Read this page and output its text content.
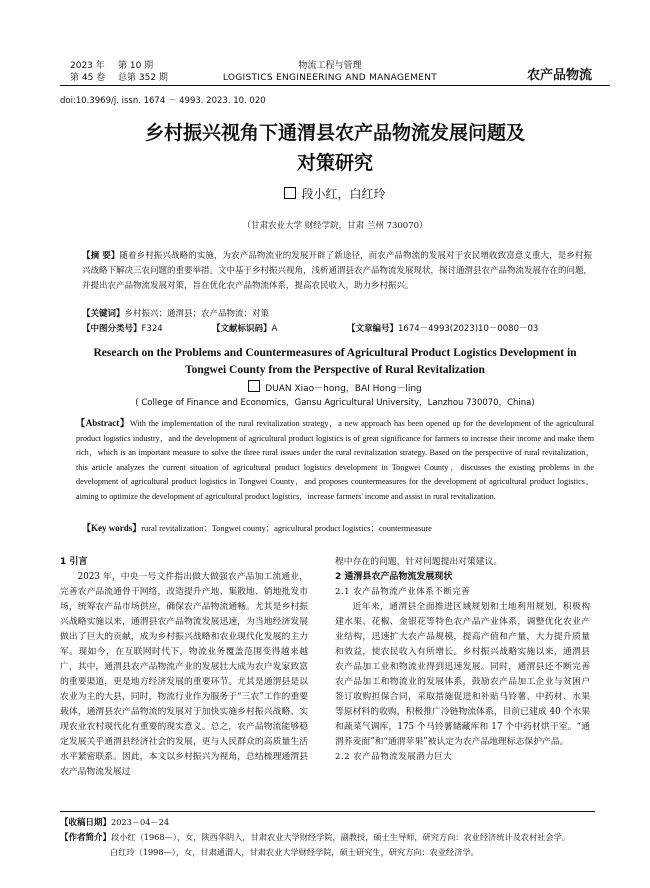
2023 年 第 10 期
第 45 卷 总第 352 期
物流工程与管理
LOGISTICS ENGINEERING AND MANAGEMENT	农产品物流
doi:10.3969/j. issn. 1674 － 4993. 2023. 10. 020
乡村振兴视角下通渭县农产品物流发展问题及
对策研究
段小红，白红玲
（甘肃农业大学 财经学院，甘肃 兰州 730070）
【摘 要】随着乡村振兴战略的实施，为农产品物流业的发展开辟了新途径，而农产品物流的发展对于农民增收致富意义重大，是乡村振兴战略下解决三农问题的重要举措。文中基于乡村振兴视角，浅析通渭县农产品物流发展现状，探讨通渭县农产品物流发展存在的问题，并提出农产品物流发展对策，旨在优化农产品物流体系，提高农民收入，助力乡村振兴。
【关键词】乡村振兴；通渭县；农产品物流；对策
【中图分类号】F324	【文献标识码】A	【文章编号】1674－4993(2023)10－0080－03
Research on the Problems and Countermeasures of Agricultural Product Logistics Development in
Tongwei County from the Perspective of Rural Revitalization
DUAN Xiao－hong，BAI Hong－ling
( College of Finance and Economics，Gansu Agricultural University，Lanzhou 730070，China)
【Abstract】With the implementation of the rural revitalization strategy，a new approach has been opened up for the development of the agricultural product logistics industry，and the development of agricultural product logistics is of great significance for farmers to increase their income and make them rich，which is an important measure to solve the three rural issues under the rural revitalization strategy. Based on the perspective of rural revitalization，this article analyzes the current situation of agricultural product logistics development in Tongwei County，discusses the existing problems in the development of agricultural product logistics in Tongwei County，and proposes countermeasures for the development of agricultural product logistics，aiming to optimize the development of agricultural product logistics，increase farmers' income and assist in rural revitalization.
【Key words】rural revitalization；Tongwei county；agricultural product logistics；countermeasure
1 引言
2023 年，中央一号文件指出做大做强农产品加工流通业，完善农产品流通骨干网络，改造提升产地、集散地、销地批发市场，统筹农产品市场供应，确保农产品物流通畅。尤其是乡村振兴战略实施以来，通渭县农产品物流发展迅速，为当地经济发展做出了巨大的贡献，成为乡村振兴战略和农业现代化发展的主力军。现如今，在互联网时代下，物流业务覆盖范围变得越来越广，其中，通渭县农产品物流产业的发展壮大成为农户发家致富的重要渠道，更是地方经济发展的重要环节。尤其是通渭县是以农业为主的大县，同时，物流行业作为服务于“三农”工作的重要载体，通渭县农产品物流的发展对于加快实施乡村振兴战略、实现农业农村现代化有重要的现实意义。总之，农产品物流能够稳定发展关乎通渭县经济社会的发展，更与人民群众的高质量生活水平紧密联系。因此，本文以乡村振兴为视角，总结梳理通渭县农产品物流发展过
程中存在的问题，针对问题提出对策建议。
2 通渭县农产品物流发展现状
2.1 农产品物流产业体系不断完善
近年来，通渭县全面推进区域规划和土地利用规划，积极构建水果、花椒、金银花等特色农产品产业体系，调整优化农业产业结构，迅速扩大农产品规模，提高产值和产量，大力提升质量和效益，使农民收入有所增长。乡村振兴战略实施以来，通渭县农产品加工业和物流业得到迅速发展。同时，通渭县还不断完善农产品加工和物流业的发展体系，鼓励农产品加工企业与贫困户签订收购担保合同，采取措施促进和补贴马铃薯、中药材、水果等原材料的收购，积极推广冷链物流体系，目前已建成 40 个水果和蔬菜气调库，175 个马铃薯储藏库和 17 个中药材烘干室。“通渭荞麦面”和“通渭苹果”被认定为农产品地理标志保护产品。
2.2 农产品物流发展潜力巨大
【收稿日期】2023－04－24
【作者简介】段小红（1968—），女，陕西华阴人，甘肃农业大学财经学院，副教授，硕士生导师，研究方向：农业经济统计及农村社会学。
白红玲（1998—），女，甘肃通渭人，甘肃农业大学财经学院，硕士研究生，研究方向：农业经济学。
